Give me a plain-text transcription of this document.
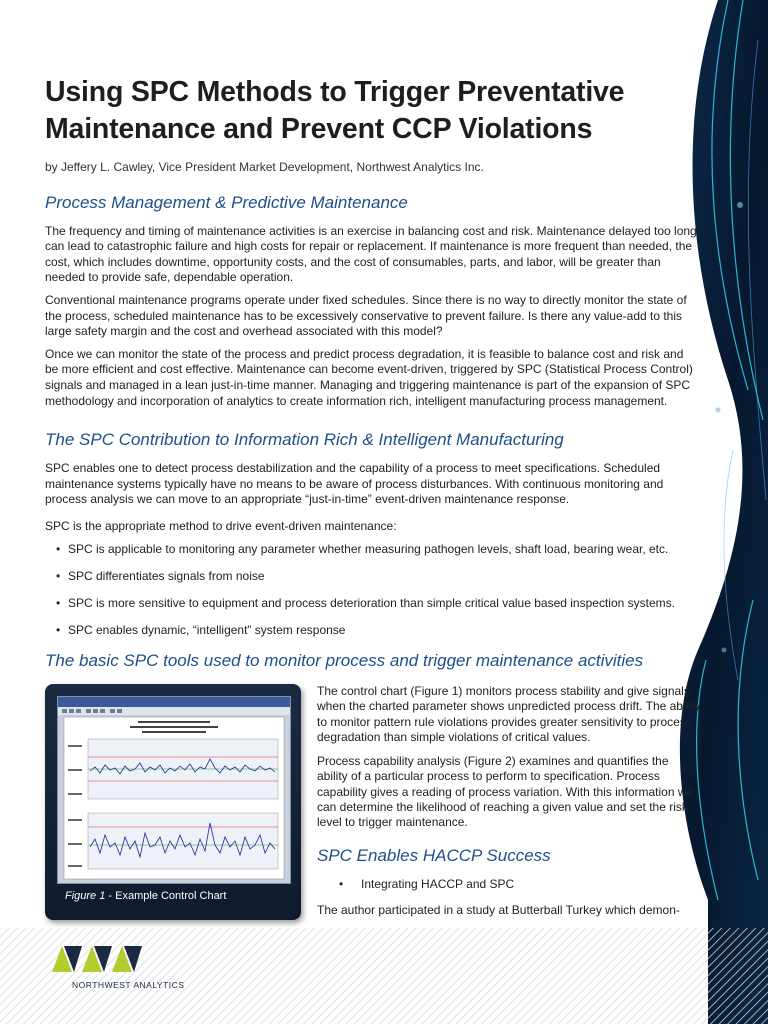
Using SPC Methods to Trigger Preventative
Maintenance and Prevent CCP Violations

by Jeffery L. Cawley, Vice President Market Development, Northwest Analytics Inc.

Process Management & Predictive Maintenance

The frequency and timing of maintenance activities is an exercise in balancing cost and risk. Maintenance delayed too long can lead to catastrophic failure and high costs for repair or replacement. If maintenance is more frequent than needed, the cost, which includes downtime, opportunity costs, and the cost of consumables, parts, and labor, will be greater than needed to provide safe, dependable operation.

Conventional maintenance programs operate under fixed schedules. Since there is no way to directly monitor the state of the process, scheduled maintenance has to be excessively conservative to prevent failure. Is there any value-add to this large safety margin and the cost and overhead associated with this model?

Once we can monitor the state of the process and predict process degradation, it is feasible to balance cost and risk and be more efficient and cost effective. Maintenance can become event-driven, triggered by SPC (Statistical Process Control) signals and managed in a lean just-in-time manner. Managing and triggering maintenance is part of the expansion of SPC methodology and incorporation of analytics to create information rich, intelligent manufacturing process management.

The SPC Contribution to Information Rich & Intelligent Manufacturing

SPC enables one to detect process destabilization and the capability of a process to meet specifications. Scheduled maintenance systems typically have no means to be aware of process disturbances. With continuous monitoring and process analysis we can move to an appropriate “just-in-time” event-driven maintenance response.

SPC is the appropriate method to drive event-driven maintenance:

• SPC is applicable to monitoring any parameter whether measuring pathogen levels, shaft load, bearing wear, etc.
• SPC differentiates signals from noise
• SPC is more sensitive to equipment and process deterioration than simple critical value based inspection systems.
• SPC enables dynamic, “intelligent” system response
The basic SPC tools used to monitor process and trigger maintenance activities
Figure 1 - Example Control Chart

The control chart (Figure 1) monitors process stability and give signals when the charted parameter shows unpredicted process drift. The ability to monitor pattern rule violations provides greater sensitivity to process degradation than simple violations of critical values.

Process capability analysis (Figure 2) examines and quantifies the ability of a particular process to perform to specification. Process capability gives a reading of process variation. With this information we can determine the likelihood of reaching a given value and set the risk level to trigger maintenance.

SPC Enables HACCP Success
• Integrating HACCP and SPC

The author participated in a study at Butterball Turkey which demon-

NORTHWEST ANALYTICS
